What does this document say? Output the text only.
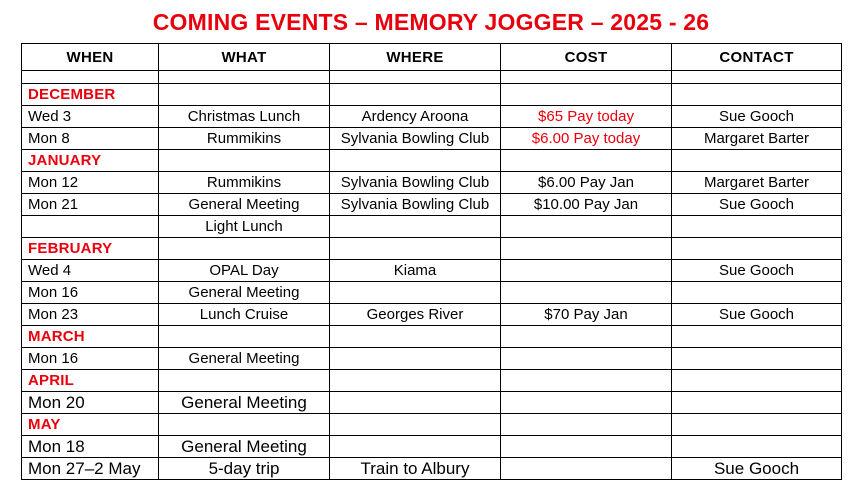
COMING EVENTS – MEMORY JOGGER – 2025 - 26
WHEN	WHAT	WHERE	COST	CONTACT

DECEMBER				
Wed 3	Christmas Lunch	Ardency Aroona	$65 Pay today	Sue Gooch
Mon 8	Rummikins	Sylvania Bowling Club	$6.00 Pay today	Margaret Barter
JANUARY				
Mon 12	Rummikins	Sylvania Bowling Club	$6.00 Pay Jan	Margaret Barter
Mon 21	General Meeting	Sylvania Bowling Club	$10.00 Pay Jan	Sue Gooch
	Light Lunch			
FEBRUARY				
Wed 4	OPAL Day	Kiama		Sue Gooch
Mon 16	General Meeting			
Mon 23	Lunch Cruise	Georges River	$70 Pay Jan	Sue Gooch
MARCH				
Mon 16	General Meeting			
APRIL				
Mon 20	General Meeting			
MAY				
Mon 18	General Meeting			
Mon 27–2 May	5-day trip	Train to Albury		Sue Gooch
